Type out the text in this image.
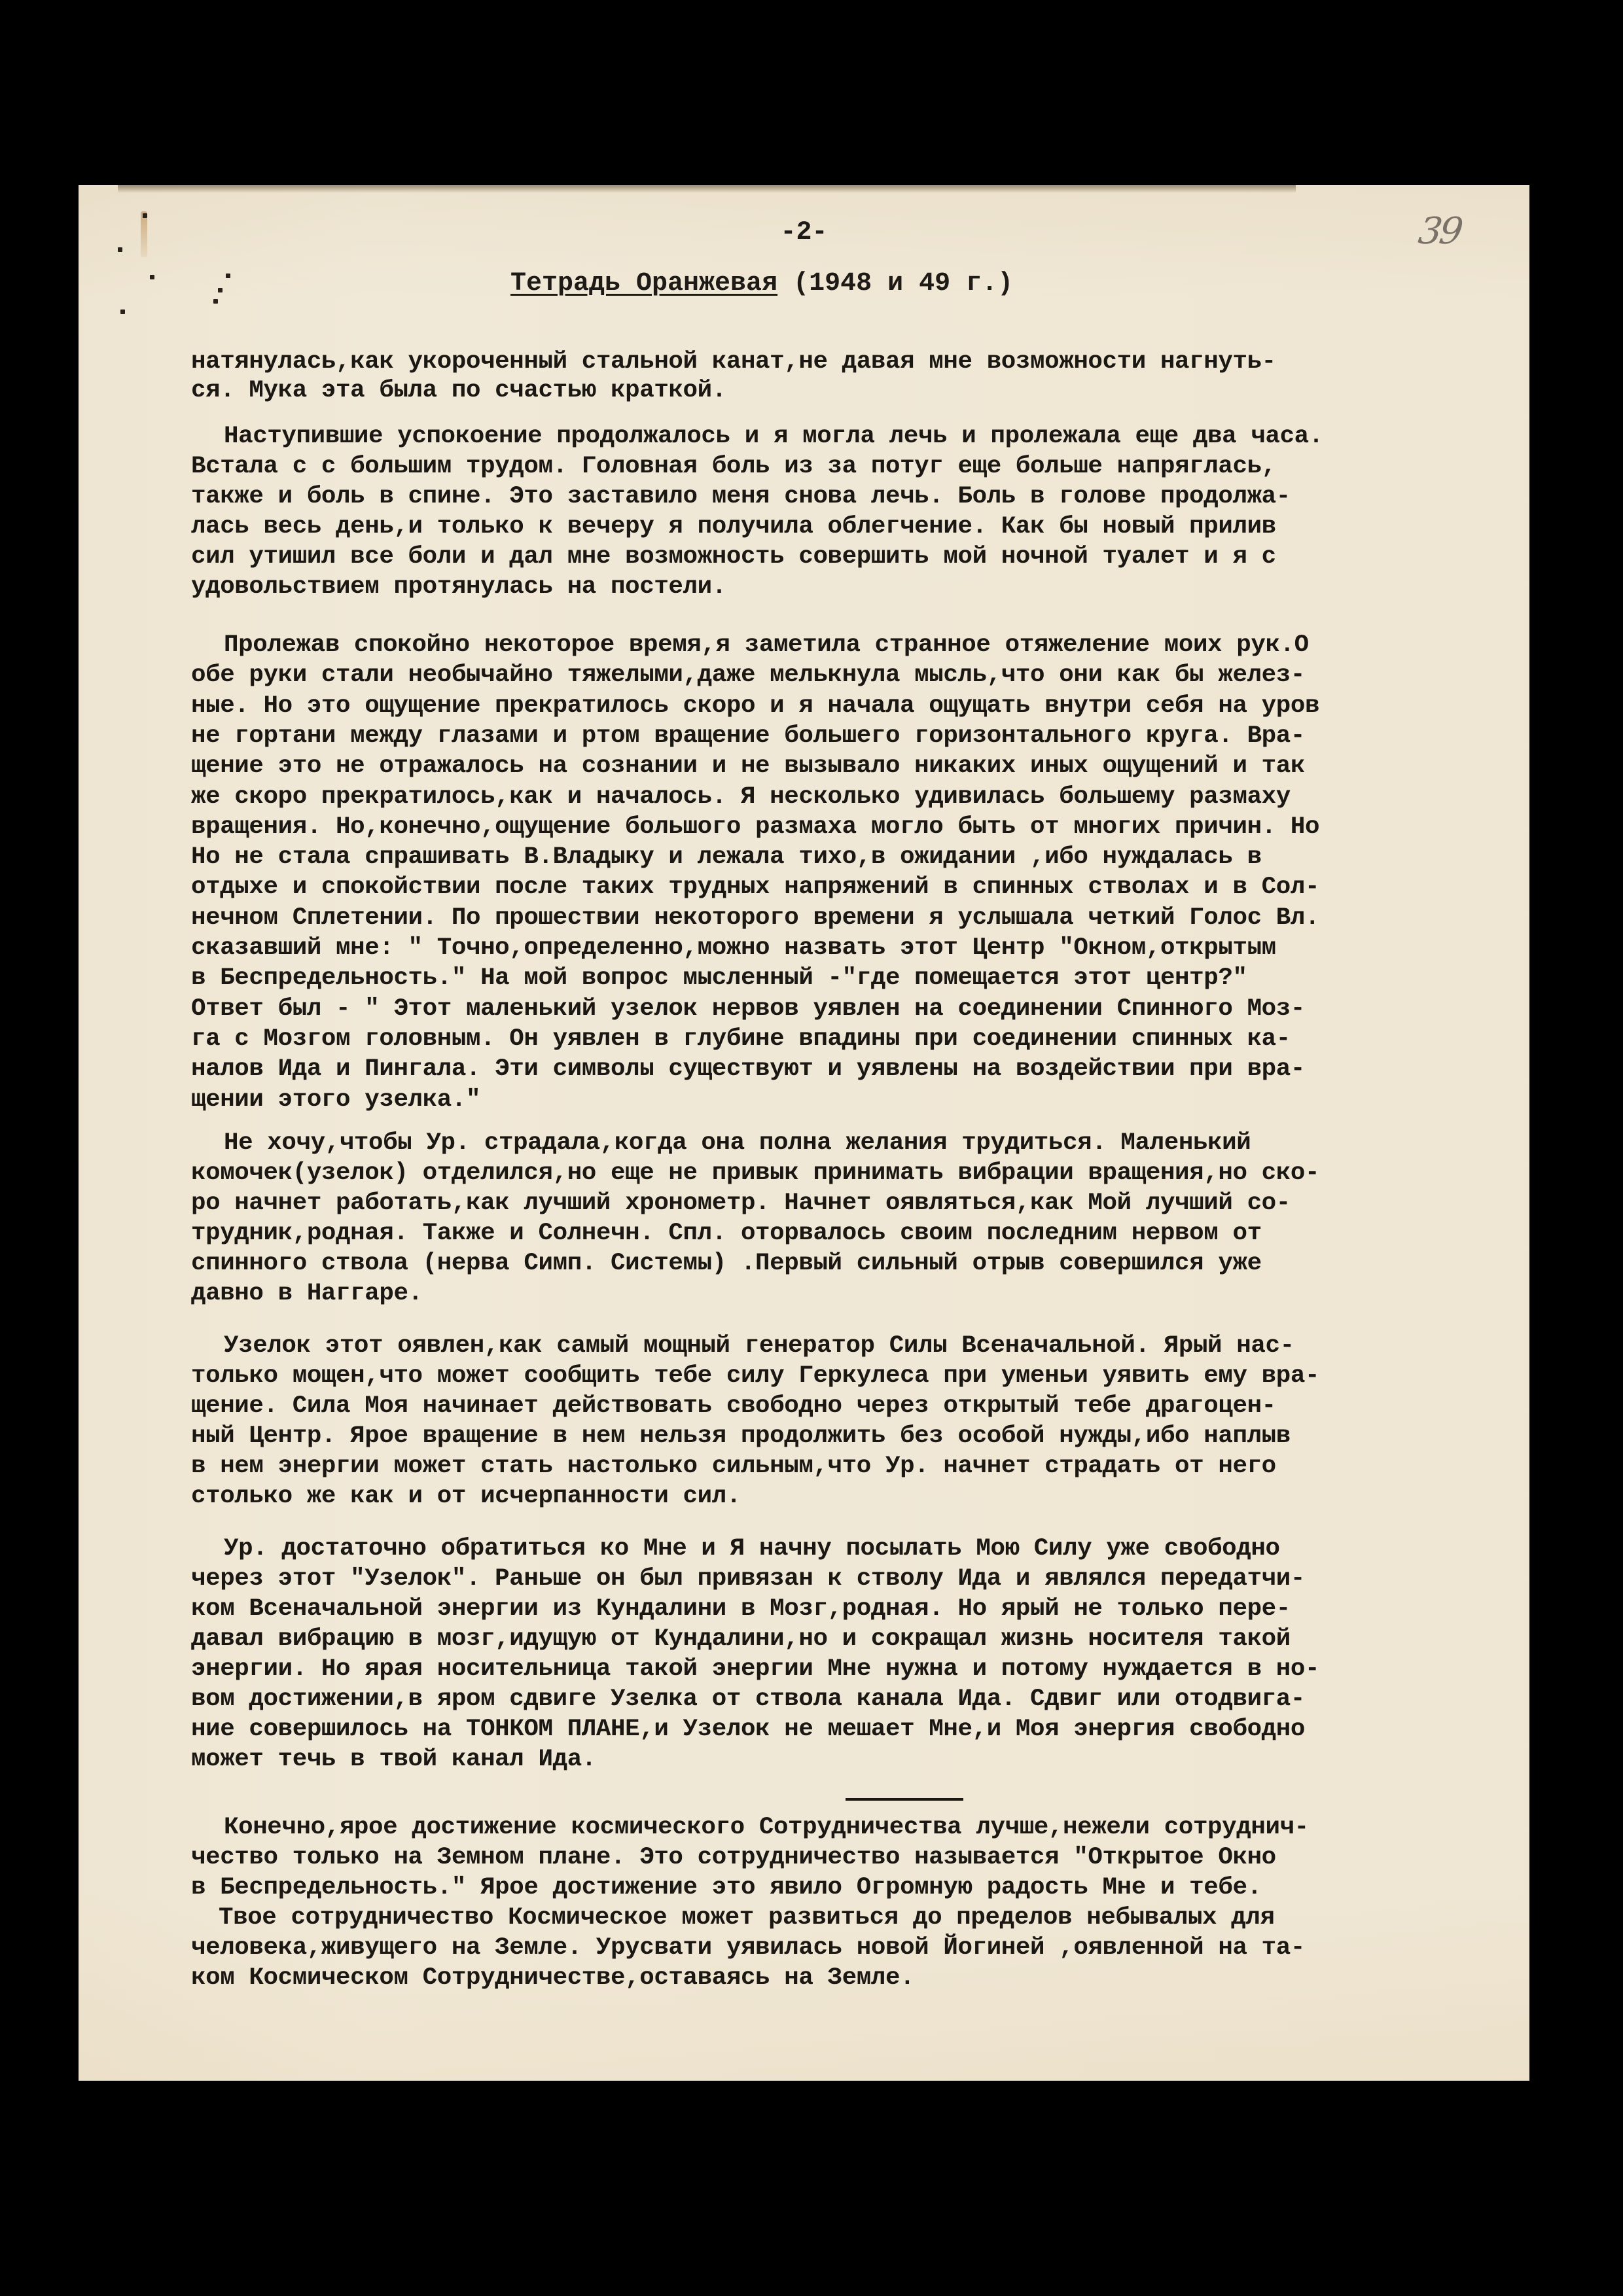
-2-	39
Тетрадь Оранжевая (1948 и 49 г.)
натянулась,как укороченный стальной канат,не давая мне возможности нагнуть-
ся. Мука эта была по счастью краткой.
Наступившие успокоение продолжалось и я могла лечь и пролежала еще два часа.
Встала с с большим трудом. Головная боль из за потуг еще больше напряглась,
также и боль в спине. Это заставило меня снова лечь. Боль в голове продолжа-
лась весь день,и только к вечеру я получила облегчение. Как бы новый прилив
сил утишил все боли и дал мне возможность совершить мой ночной туалет и я с
удовольствием протянулась на постели.
Пролежав спокойно некоторое время,я заметила странное отяжеление моих рук.О
обе руки стали необычайно тяжелыми,даже мелькнула мысль,что они как бы желез-
ные. Но это ощущение прекратилось скоро и я начала ощущать внутри себя на уров
не гортани между глазами и ртом вращение большего горизонтального круга. Вра-
щение это не отражалось на сознании и не вызывало никаких иных ощущений и так
же скоро прекратилось,как и началось. Я несколько удивилась большему размаху
вращения. Но,конечно,ощущение большого размаха могло быть от многих причин. Но
Но не стала спрашивать В.Владыку и лежала тихо,в ожидании ,ибо нуждалась в
отдыхе и спокойствии после таких трудных напряжений в спинных стволах и в Сол-
нечном Сплетении. По прошествии некоторого времени я услышала четкий Голос Вл.
сказавший мне: " Точно,определенно,можно назвать этот Центр "Окном,открытым
в Беспредельность." На мой вопрос мысленный -"где помещается этот центр?"
Ответ был - " Этот маленький узелок нервов уявлен на соединении Спинного Моз-
га с Мозгом головным. Он уявлен в глубине впадины при соединении спинных ка-
налов Ида и Пингала. Эти символы существуют и уявлены на воздействии при вра-
щении этого узелка."
Не хочу,чтобы Ур. страдала,когда она полна желания трудиться. Маленький
комочек(узелок) отделился,но еще не привык принимать вибрации вращения,но ско-
ро начнет работать,как лучший хронометр. Начнет оявляться,как Мой лучший со-
трудник,родная. Также и Солнечн. Спл. оторвалось своим последним нервом от
спинного ствола (нерва Симп. Системы) .Первый сильный отрыв совершился уже
давно в Наггаре.
Узелок этот оявлен,как самый мощный генератор Силы Всеначальной. Ярый нас-
только мощен,что может сообщить тебе силу Геркулеса при уменьи уявить ему вра-
щение. Сила Моя начинает действовать свободно через открытый тебе драгоцен-
ный Центр. Ярое вращение в нем нельзя продолжить без особой нужды,ибо наплыв
в нем энергии может стать настолько сильным,что Ур. начнет страдать от него
столько же как и от исчерпанности сил.
Ур. достаточно обратиться ко Мне и Я начну посылать Мою Силу уже свободно
через этот "Узелок". Раньше он был привязан к стволу Ида и являлся передатчи-
ком Всеначальной энергии из Кундалини в Мозг,родная. Но ярый не только пере-
давал вибрацию в мозг,идущую от Кундалини,но и сокращал жизнь носителя такой
энергии. Но ярая носительница такой энергии Мне нужна и потому нуждается в но-
вом достижении,в яром сдвиге Узелка от ствола канала Ида. Сдвиг или отодвига-
ние совершилось на ТОНКОМ ПЛАНЕ,и Узелок не мешает Мне,и Моя энергия свободно
может течь в твой канал Ида.
Конечно,ярое достижение космического Сотрудничества лучше,нежели сотруднич-
чество только на Земном плане. Это сотрудничество называется "Открытое Окно
в Беспредельность." Ярое достижение это явило Огромную радость Мне и тебе.
Твое сотрудничество Космическое может развиться до пределов небывалых для
человека,живущего на Земле. Урусвати уявилась новой Йогиней ,оявленной на та-
ком Космическом Сотрудничестве,оставаясь на Земле.
